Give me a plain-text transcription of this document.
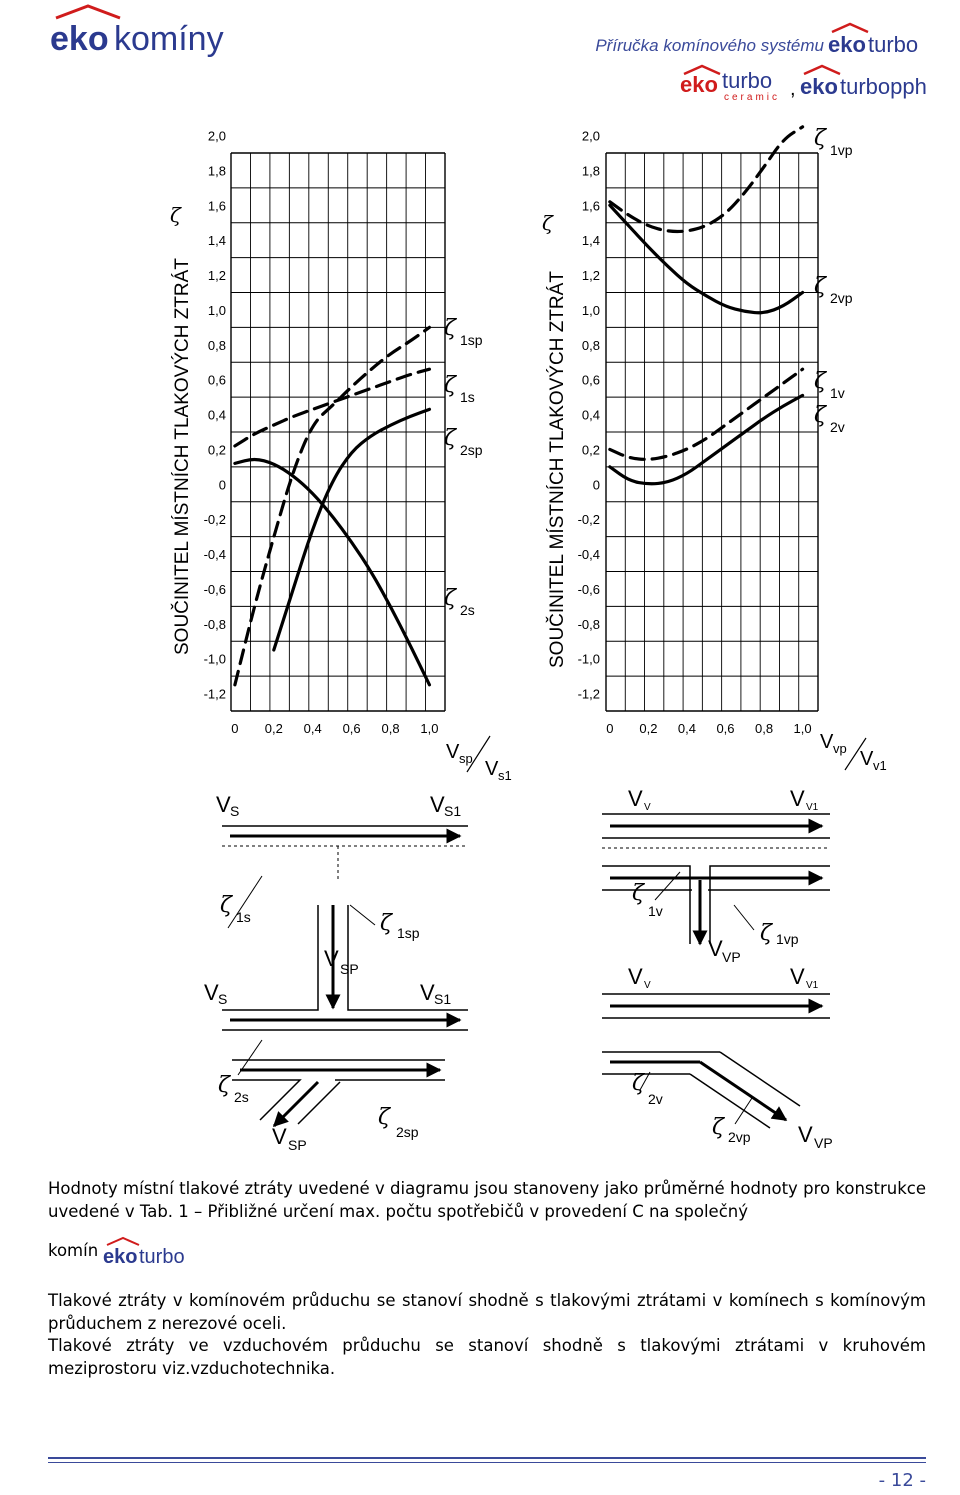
eko komíny	Příručka komínového systému eko turbo
eko turbo
ceramic , eko turbopph
2,0
1,8
1,6
1,4
1,2
1,0
0,8
0,6
0,4
0,2
0
-0,2
-0,4
-0,6
-0,8
-1,0
-1,2
0 0,2 0,4 0,6 0,8 1,0
SOUČINITEL MÍSTNÍCH TLAKOVÝCH ZTRÁT
ζ
V sp V s1
ζ 1sp
ζ 1s
ζ 2sp
ζ 2s
2,0
1,8
1,6
1,4
1,2
1,0
0,8
0,6
0,4
0,2
0
-0,2
-0,4
-0,6
-0,8
-1,0
-1,2
0 0,2 0,4 0,6 0,8 1,0
SOUČINITEL MÍSTNÍCH TLAKOVÝCH ZTRÁT
ζ
V vp V v1
ζ 1vp
ζ 2vp
ζ 1v
ζ 2v
V S	V S1
ζ 1s	ζ 1sp
V SP
V S	V S1
ζ 2s
V SP
ζ
2sp
V V	V V1
ζ
1v
V VP
ζ 1vp
V V	V V1
ζ
2v
ζ 2vp V VP
Hodnoty místní tlakové ztráty uvedené v diagramu jsou stanoveny jako průměrné hodnoty pro konstrukce uvedené v Tab. 1 – Přibližné určení max. počtu spotřebičů v provedení C na společný
komín eko turbo
Tlakové ztráty v komínovém průduchu se stanoví shodně s tlakovými ztrátami v komínech s komínovým průduchem z nerezové oceli.
Tlakové ztráty ve vzduchovém průduchu se stanoví shodně s tlakovými ztrátami v kruhovém meziprostoru viz.vzduchotechnika.
- 12 -
